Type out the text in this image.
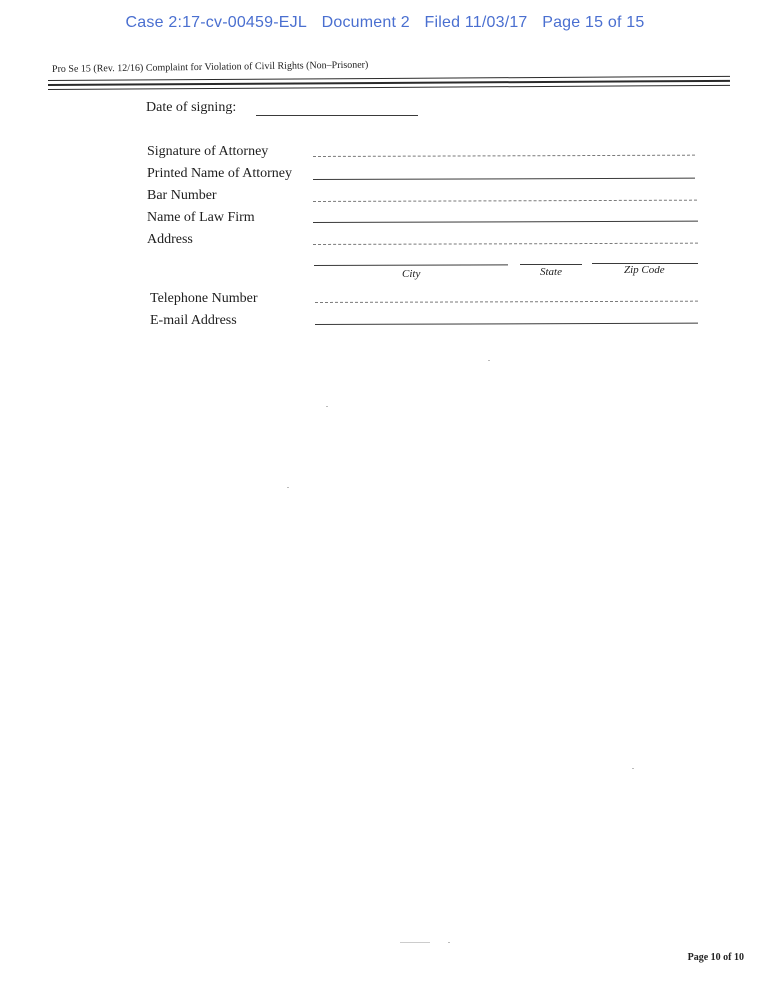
Case 2:17-cv-00459-EJL Document 2 Filed 11/03/17 Page 15 of 15
Pro Se 15 (Rev. 12/16) Complaint for Violation of Civil Rights (Non–Prisoner)
Date of signing:
Signature of Attorney
Printed Name of Attorney
Bar Number
Name of Law Firm
Address
City	State	Zip Code
Telephone Number
E-mail Address
Page 10 of 10
